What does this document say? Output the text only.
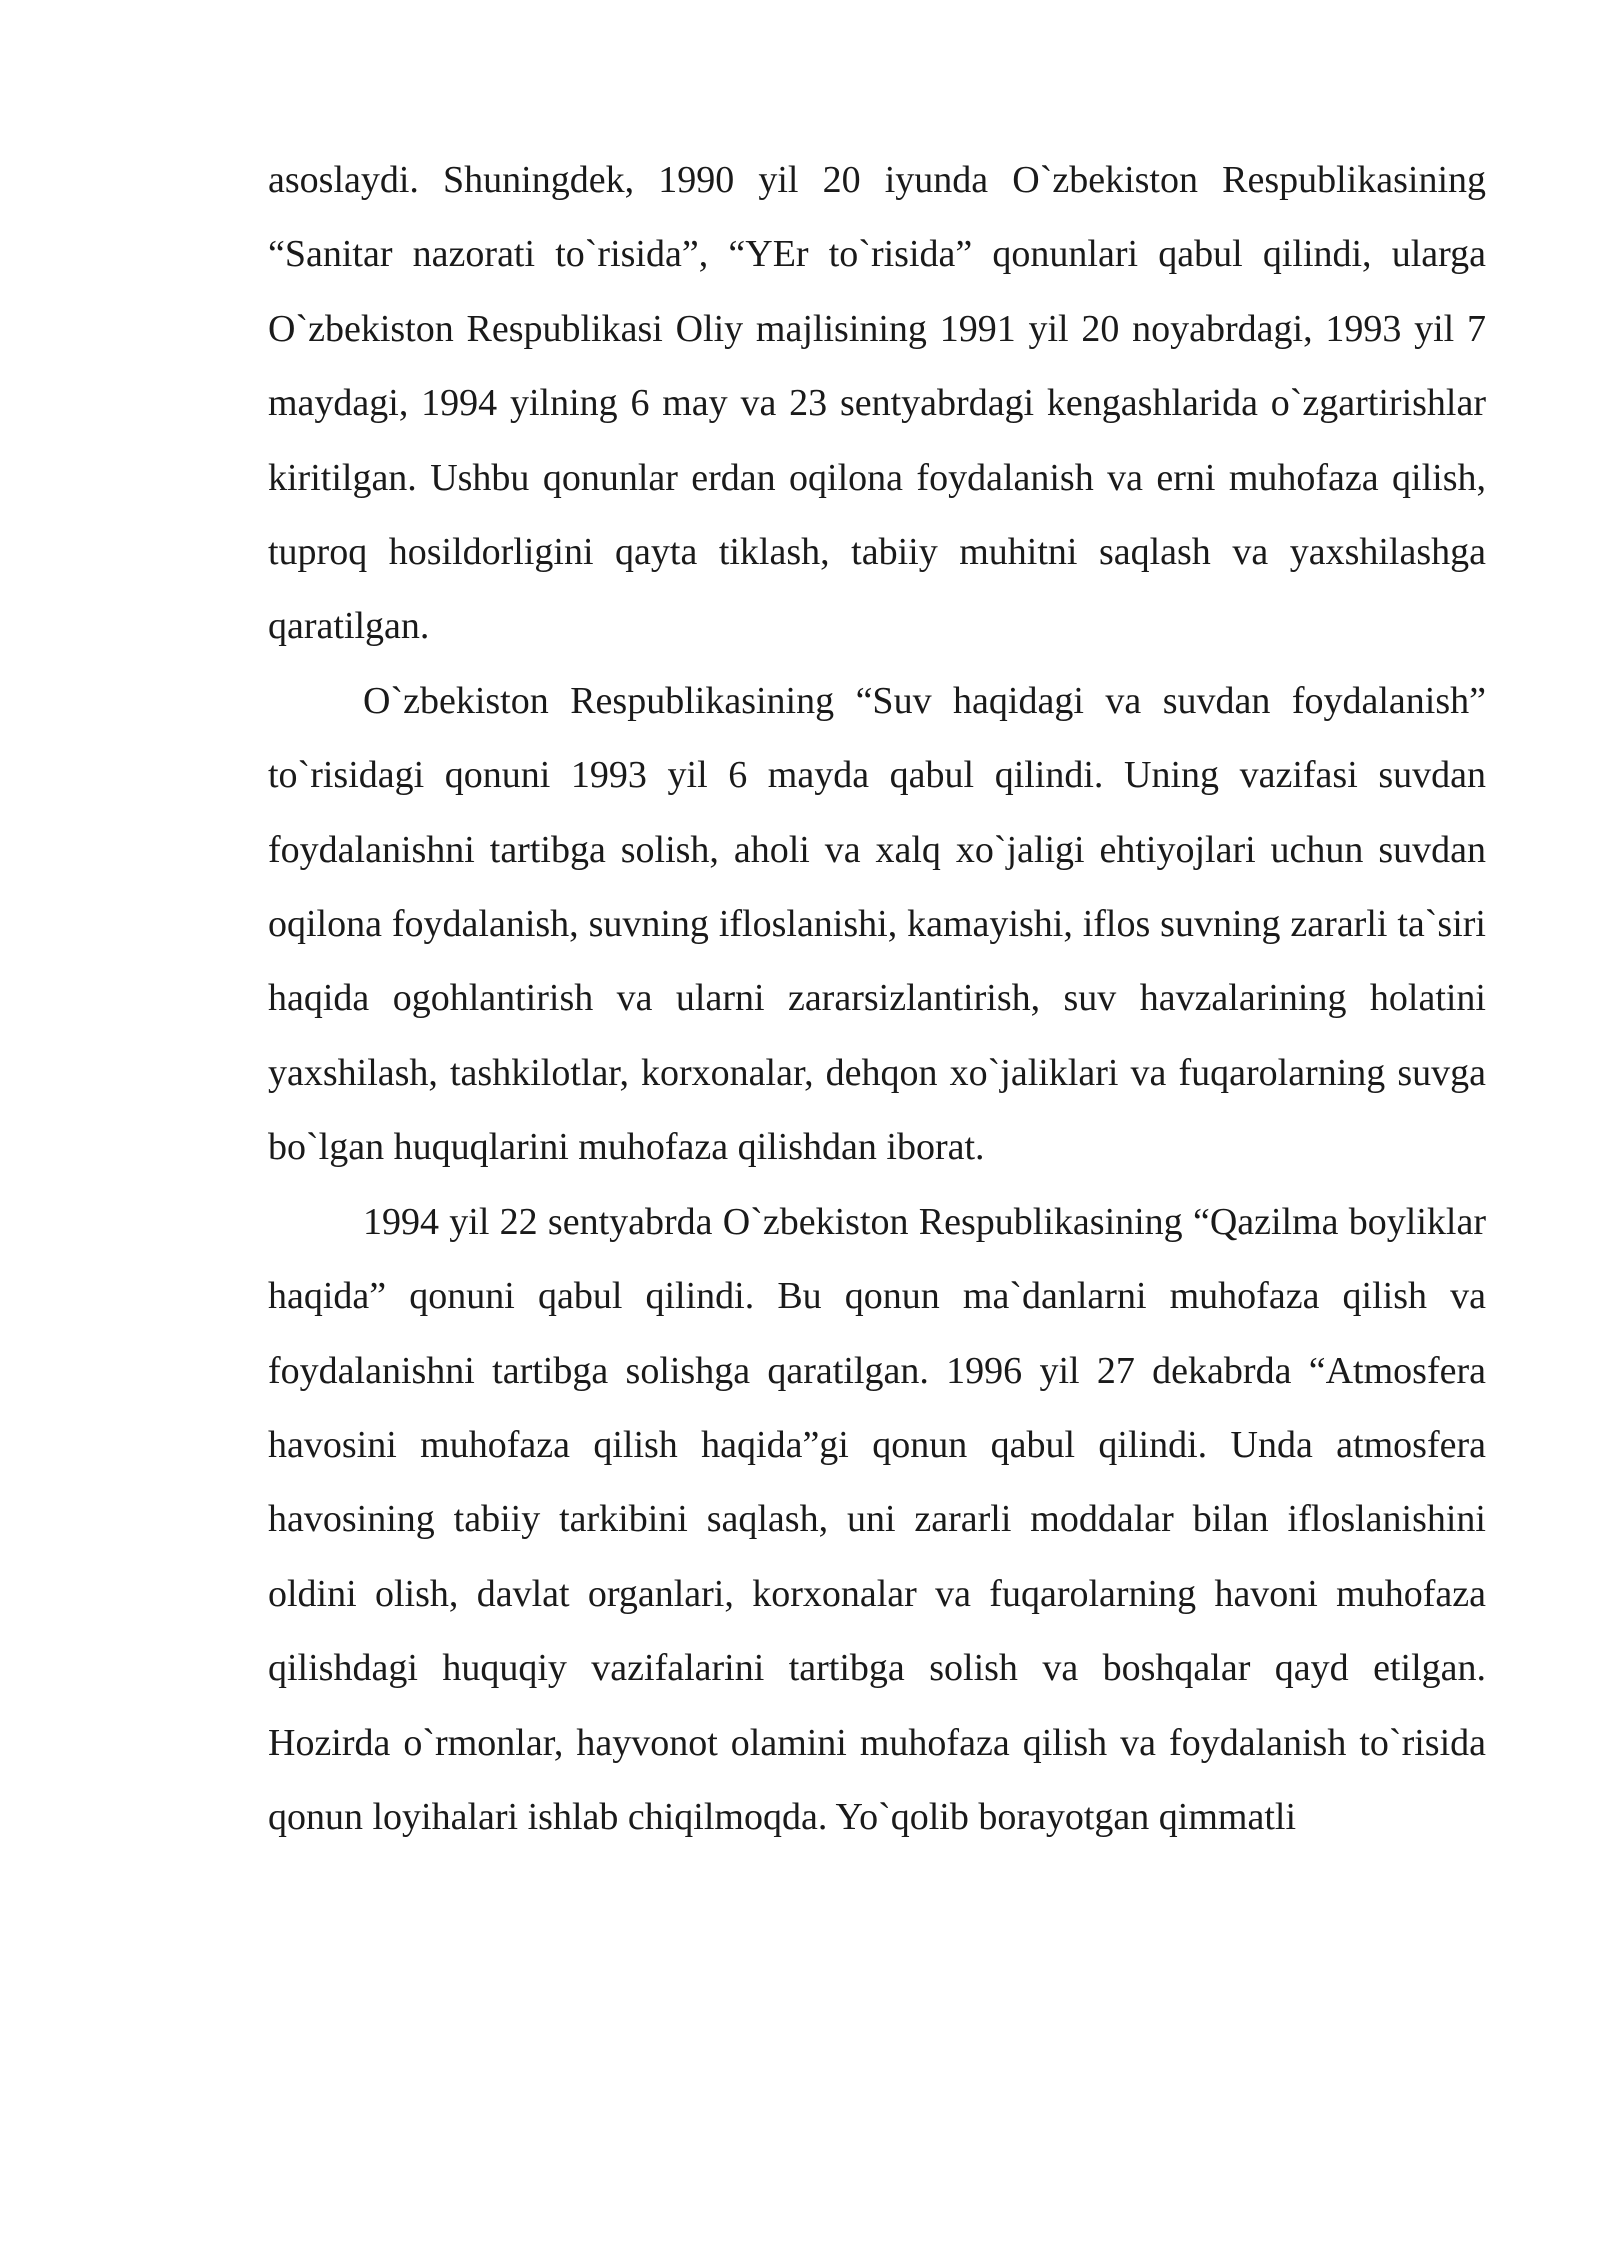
asoslaydi. Shuningdek, 1990 yil 20 iyunda O`zbekiston Respublikasining “Sanitar nazorati to`risida”, “YEr to`risida” qonunlari qabul qilindi, ularga O`zbekiston Respublikasi Oliy majlisining 1991 yil 20 noyabrdagi, 1993 yil 7 maydagi, 1994 yilning 6 may va 23 sentyabrdagi kengashlarida o`zgartirishlar kiritilgan. Ushbu qonunlar erdan oqilona foydalanish va erni muhofaza qilish, tuproq hosildorligini qayta tiklash, tabiiy muhitni saqlash va yaxshilashga qaratilgan.

O`zbekiston Respublikasining “Suv haqidagi va suvdan foydalanish” to`risidagi qonuni 1993 yil 6 mayda qabul qilindi. Uning vazifasi suvdan foydalanishni tartibga solish, aholi va xalq xo`jaligi ehtiyojlari uchun suvdan oqilona foydalanish, suvning ifloslanishi, kamayishi, iflos suvning zararli ta`siri haqida ogohlantirish va ularni zararsizlantirish, suv havzalarining holatini yaxshilash, tashkilotlar, korxonalar, dehqon xo`jaliklari va fuqarolarning suvga bo`lgan huquqlarini muhofaza qilishdan iborat.

1994 yil 22 sentyabrda O`zbekiston Respublikasining “Qazilma boyliklar haqida” qonuni qabul qilindi. Bu qonun ma`danlarni muhofaza qilish va foydalanishni tartibga solishga qaratilgan. 1996 yil 27 dekabrda “Atmosfera havosini muhofaza qilish haqida”gi qonun qabul qilindi. Unda atmosfera havosining tabiiy tarkibini saqlash, uni zararli moddalar bilan ifloslanishini oldini olish, davlat organlari, korxonalar va fuqarolarning havoni muhofaza qilishdagi huquqiy vazifalarini tartibga solish va boshqalar qayd etilgan. Hozirda o`rmonlar, hayvonot olamini muhofaza qilish va foydalanish to`risida qonun loyihalari ishlab chiqilmoqda. Yo`qolib borayotgan qimmatli
